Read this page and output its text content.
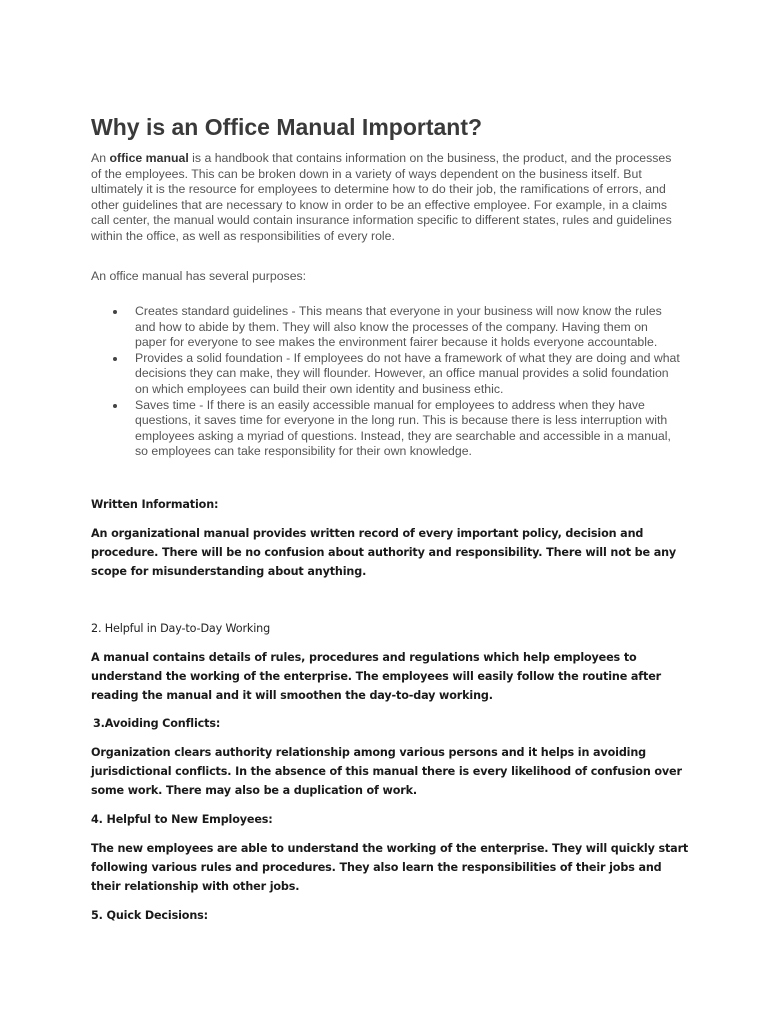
Why is an Office Manual Important?

An office manual is a handbook that contains information on the business, the product, and the processes of the employees. This can be broken down in a variety of ways dependent on the business itself. But ultimately it is the resource for employees to determine how to do their job, the ramifications of errors, and other guidelines that are necessary to know in order to be an effective employee. For example, in a claims call center, the manual would contain insurance information specific to different states, rules and guidelines within the office, as well as responsibilities of every role.

An office manual has several purposes:

Creates standard guidelines - This means that everyone in your business will now know the rules and how to abide by them. They will also know the processes of the company. Having them on paper for everyone to see makes the environment fairer because it holds everyone accountable.
Provides a solid foundation - If employees do not have a framework of what they are doing and what decisions they can make, they will flounder. However, an office manual provides a solid foundation on which employees can build their own identity and business ethic.
Saves time - If there is an easily accessible manual for employees to address when they have questions, it saves time for everyone in the long run. This is because there is less interruption with employees asking a myriad of questions. Instead, they are searchable and accessible in a manual, so employees can take responsibility for their own knowledge.

Written Information:

An organizational manual provides written record of every important policy, decision and procedure. There will be no confusion about authority and responsibility. There will not be any scope for misunderstanding about anything.

2. Helpful in Day-to-Day Working

A manual contains details of rules, procedures and regulations which help employees to understand the working of the enterprise. The employees will easily follow the routine after reading the manual and it will smoothen the day-to-day working.

3.Avoiding Conflicts:

Organization clears authority relationship among various persons and it helps in avoiding jurisdictional conflicts. In the absence of this manual there is every likelihood of confusion over some work. There may also be a duplication of work.

4. Helpful to New Employees:

The new employees are able to understand the working of the enterprise. They will quickly start following various rules and procedures. They also learn the responsibilities of their jobs and their relationship with other jobs.

5. Quick Decisions:
